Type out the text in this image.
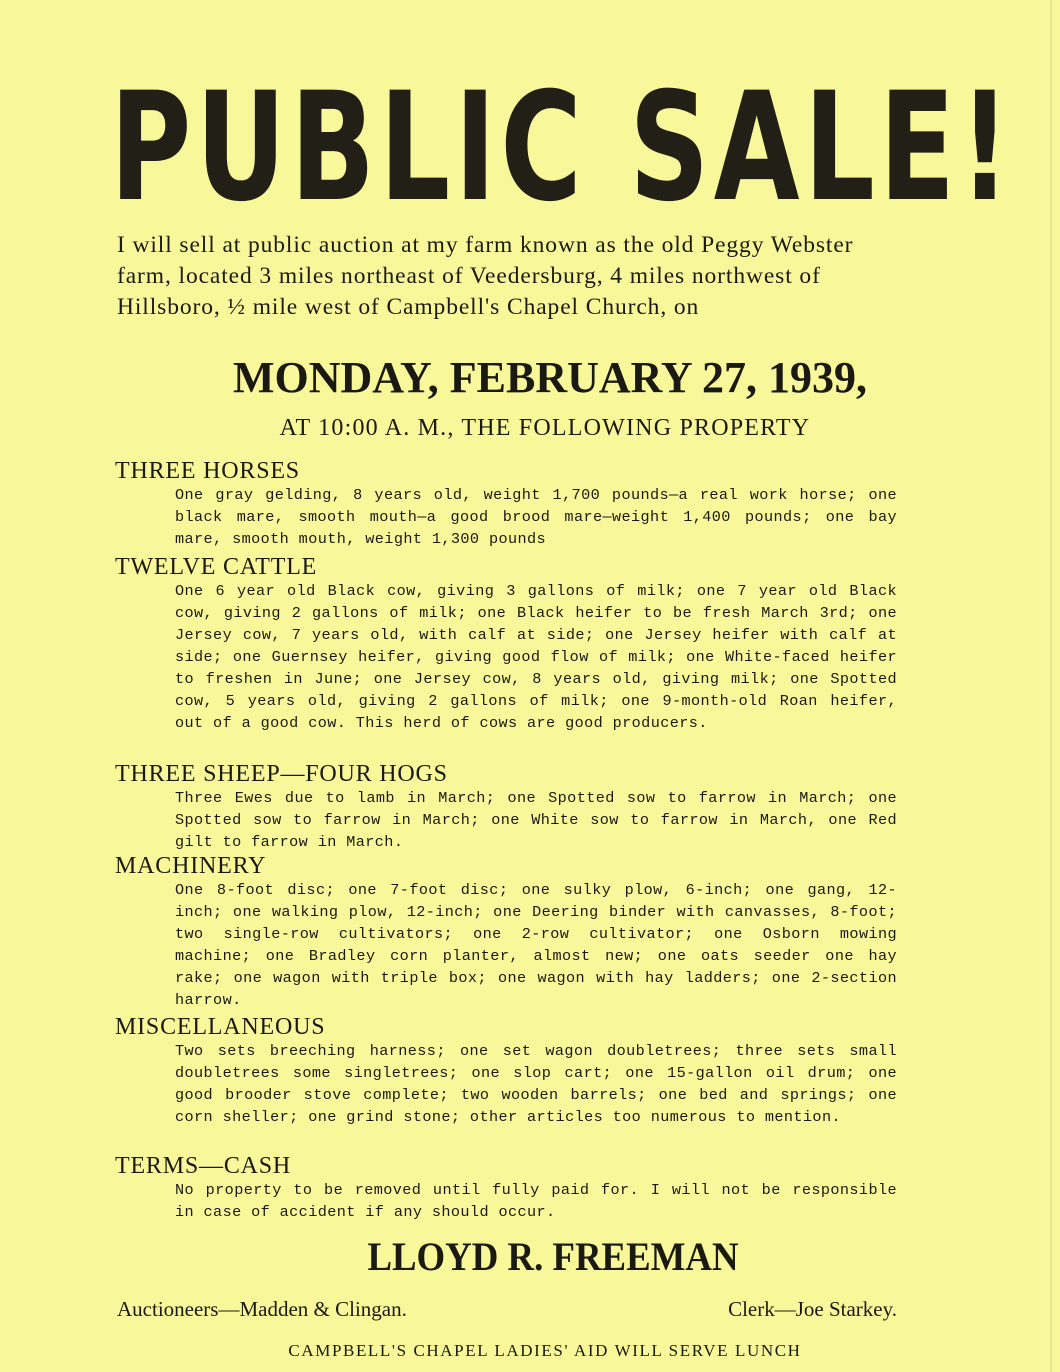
PUBLIC SALE!

I will sell at public auction at my farm known as the old Peggy Webster farm, located 3 miles northeast of Veedersburg, 4 miles northwest of Hillsboro, ½ mile west of Campbell's Chapel Church, on

MONDAY, FEBRUARY 27, 1939,

AT 10:00 A. M., THE FOLLOWING PROPERTY

THREE HORSES

One gray gelding, 8 years old, weight 1,700 pounds—a real work horse; one black mare, smooth mouth—a good brood mare—weight 1,400 pounds; one bay mare, smooth mouth, weight 1,300 pounds

TWELVE CATTLE

One 6 year old Black cow, giving 3 gallons of milk; one 7 year old Black cow, giving 2 gallons of milk; one Black heifer to be fresh March 3rd; one Jersey cow, 7 years old, with calf at side; one Jersey heifer with calf at side; one Guernsey heifer, giving good flow of milk; one White-faced heifer to freshen in June; one Jersey cow, 8 years old, giving milk; one Spotted cow, 5 years old, giving 2 gallons of milk; one 9-month-old Roan heifer, out of a good cow. This herd of cows are good producers.

THREE SHEEP—FOUR HOGS

Three Ewes due to lamb in March; one Spotted sow to farrow in March; one Spotted sow to farrow in March; one White sow to farrow in March, one Red gilt to farrow in March.

MACHINERY

One 8-foot disc; one 7-foot disc; one sulky plow, 6-inch; one gang, 12-inch; one walking plow, 12-inch; one Deering binder with canvasses, 8-foot; two single-row cultivators; one 2-row cultivator; one Osborn mowing machine; one Bradley corn planter, almost new; one oats seeder one hay rake; one wagon with triple box; one wagon with hay ladders; one 2-section harrow.

MISCELLANEOUS

Two sets breeching harness; one set wagon doubletrees; three sets small doubletrees some singletrees; one slop cart; one 15-gallon oil drum; one good brooder stove complete; two wooden barrels; one bed and springs; one corn sheller; one grind stone; other articles too numerous to mention.

TERMS—CASH

No property to be removed until fully paid for. I will not be responsible in case of accident if any should occur.

LLOYD R. FREEMAN

Auctioneers—Madden & Clingan.	Clerk—Joe Starkey.

CAMPBELL'S CHAPEL LADIES' AID WILL SERVE LUNCH
